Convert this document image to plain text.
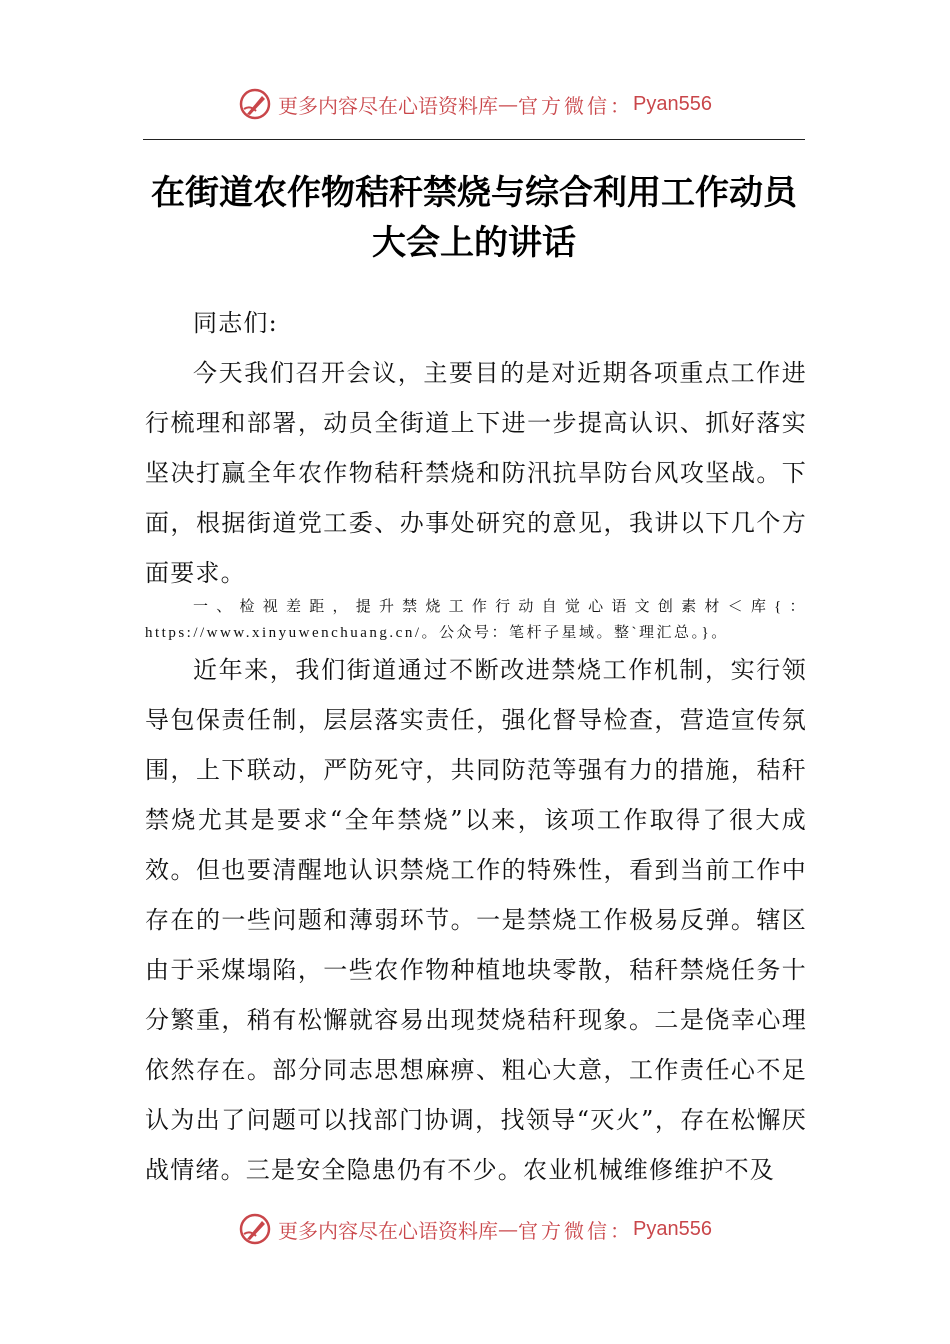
更多内容尽在心语资料库 — 官方微信： Pyan556
在街道农作物秸秆禁烧与综合利用工作动员大会上的讲话
同志们:
今天我们召开会议，主要目的是对近期各项重点工作进行梳理和部署，动员全街道上下进一步提高认识、抓好落实坚决打赢全年农作物秸秆禁烧和防汛抗旱防台风攻坚战。下面，根据街道党工委、办事处研究的意见，我讲以下几个方面要求。
一、检视差距，提升禁烧工作行动自觉心语文创素材＜库{：https://www.xinyuwenchuang.cn/。公众号：笔杆子星域。整`理汇总。}。
近年来，我们街道通过不断改进禁烧工作机制，实行领导包保责任制，层层落实责任，强化督导检查，营造宣传氛围，上下联动，严防死守，共同防范等强有力的措施，秸秆禁烧尤其是要求“全年禁烧”以来，该项工作取得了很大成效。但也要清醒地认识禁烧工作的特殊性，看到当前工作中存在的一些问题和薄弱环节。一是禁烧工作极易反弹。辖区由于采煤塌陷，一些农作物种植地块零散，秸秆禁烧任务十分繁重，稍有松懈就容易出现焚烧秸秆现象。二是侥幸心理依然存在。部分同志思想麻痹、粗心大意，工作责任心不足认为出了问题可以找部门协调，找领导“灭火”，存在松懈厌战情绪。三是安全隐患仍有不少。农业机械维修维护不及
更多内容尽在心语资料库 — 官方微信： Pyan556
